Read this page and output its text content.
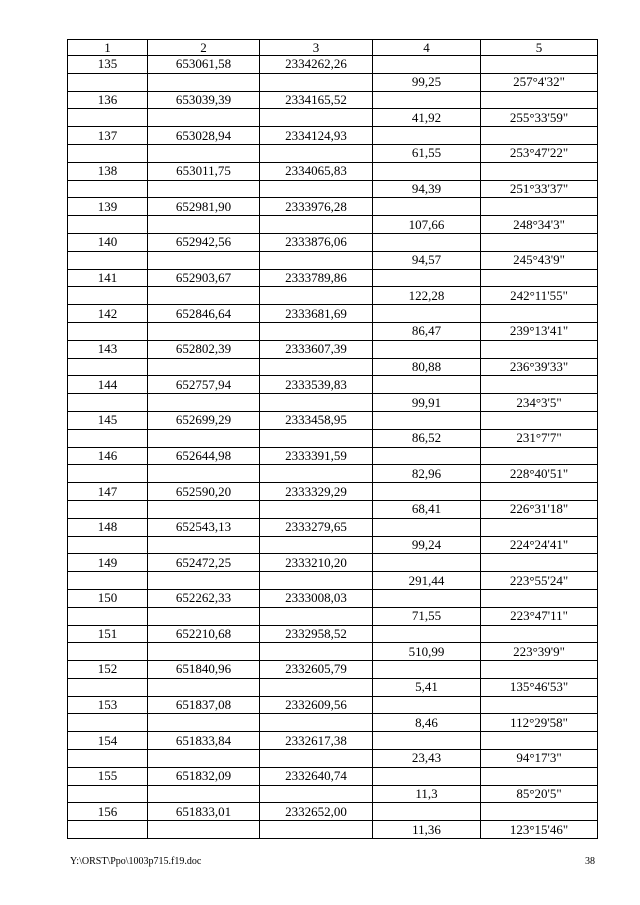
1	2	3	4	5
135	653061,58	2334262,26		
			99,25	257°4'32"
136	653039,39	2334165,52		
			41,92	255°33'59"
137	653028,94	2334124,93		
			61,55	253°47'22"
138	653011,75	2334065,83		
			94,39	251°33'37"
139	652981,90	2333976,28		
			107,66	248°34'3"
140	652942,56	2333876,06		
			94,57	245°43'9"
141	652903,67	2333789,86		
			122,28	242°11'55"
142	652846,64	2333681,69		
			86,47	239°13'41"
143	652802,39	2333607,39		
			80,88	236°39'33"
144	652757,94	2333539,83		
			99,91	234°3'5"
145	652699,29	2333458,95		
			86,52	231°7'7"
146	652644,98	2333391,59		
			82,96	228°40'51"
147	652590,20	2333329,29		
			68,41	226°31'18"
148	652543,13	2333279,65		
			99,24	224°24'41"
149	652472,25	2333210,20		
			291,44	223°55'24"
150	652262,33	2333008,03		
			71,55	223°47'11"
151	652210,68	2332958,52		
			510,99	223°39'9"
152	651840,96	2332605,79		
			5,41	135°46'53"
153	651837,08	2332609,56		
			8,46	112°29'58"
154	651833,84	2332617,38		
			23,43	94°17'3"
155	651832,09	2332640,74		
			11,3	85°20'5"
156	651833,01	2332652,00		
			11,36	123°15'46"
Y:\ORST\Ppo\1003p715.f19.doc	38
